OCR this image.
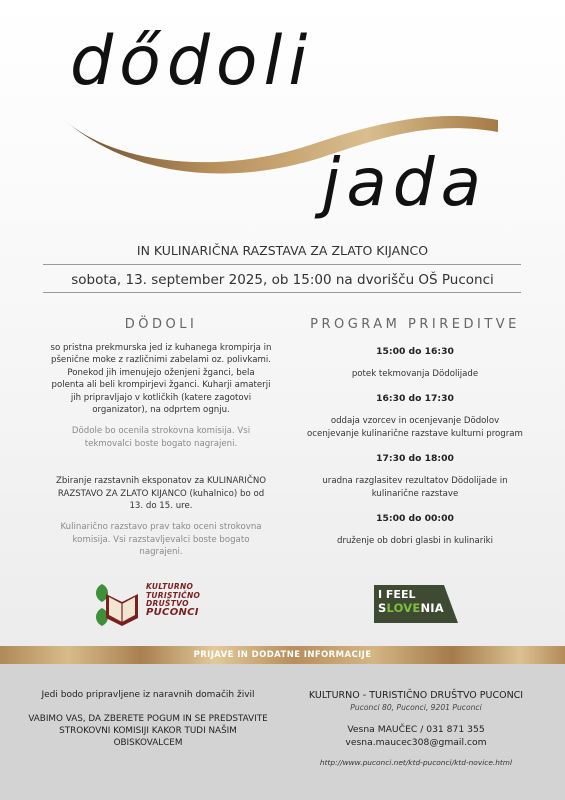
dődoli
jada
IN KULINARIČNA RAZSTAVA ZA ZLATO KIJANCO
sobota, 13. september 2025, ob 15:00 na dvorišču OŠ Puconci
DÖDOLI

so pristna prekmurska jed iz kuhanega krompirja in pšenične moke z različnimi zabelami oz. polivkami. Ponekod jih imenujejo oženjeni žganci, bela polenta ali beli krompirjevi žganci. Kuharji amaterji jih pripravljajo v kotličkih (katere zagotovi organizator), na odprtem ognju.

Dödole bo ocenila strokovna komisija. Vsi tekmovalci boste bogato nagrajeni.

Zbiranje razstavnih eksponatov za KULINARIČNO RAZSTAVO ZA ZLATO KIJANCO (kuhalnico) bo od 13. do 15. ure.

Kulinarično razstavo prav tako oceni strokovna komisija. Vsi razstavljevalci boste bogato nagrajeni.

PROGRAM PRIREDITVE

15:00 do 16:30

potek tekmovanja Dödolijade

16:30 do 17:30

oddaja vzorcev in ocenjevanje Dödolov ocenjevanje kulinarične razstave kulturni program

17:30 do 18:00

uradna razglasitev rezultatov Dödolijade in kulinarične razstave

15:00 do 00:00

druženje ob dobri glasbi in kulinariki

KULTURNO
TURISTIČNO
DRUŠTVO
PUCONCI
I FEEL
SLOVENIA
PRIJAVE IN DODATNE INFORMACIJE

Jedi bodo pripravljene iz naravnih domačih živil

VABIMO VAS, DA ZBERETE POGUM IN SE PREDSTAVITE STROKOVNI KOMISIJI KAKOR TUDI NAŠIM OBISKOVALCEM

KULTURNO - TURISTIČNO DRUŠTVO PUCONCI

Puconci 80, Puconci, 9201 Puconci

Vesna MAUČEC / 031 871 355

vesna.maucec308@gmail.com

http://www.puconci.net/ktd-puconci/ktd-novice.html
